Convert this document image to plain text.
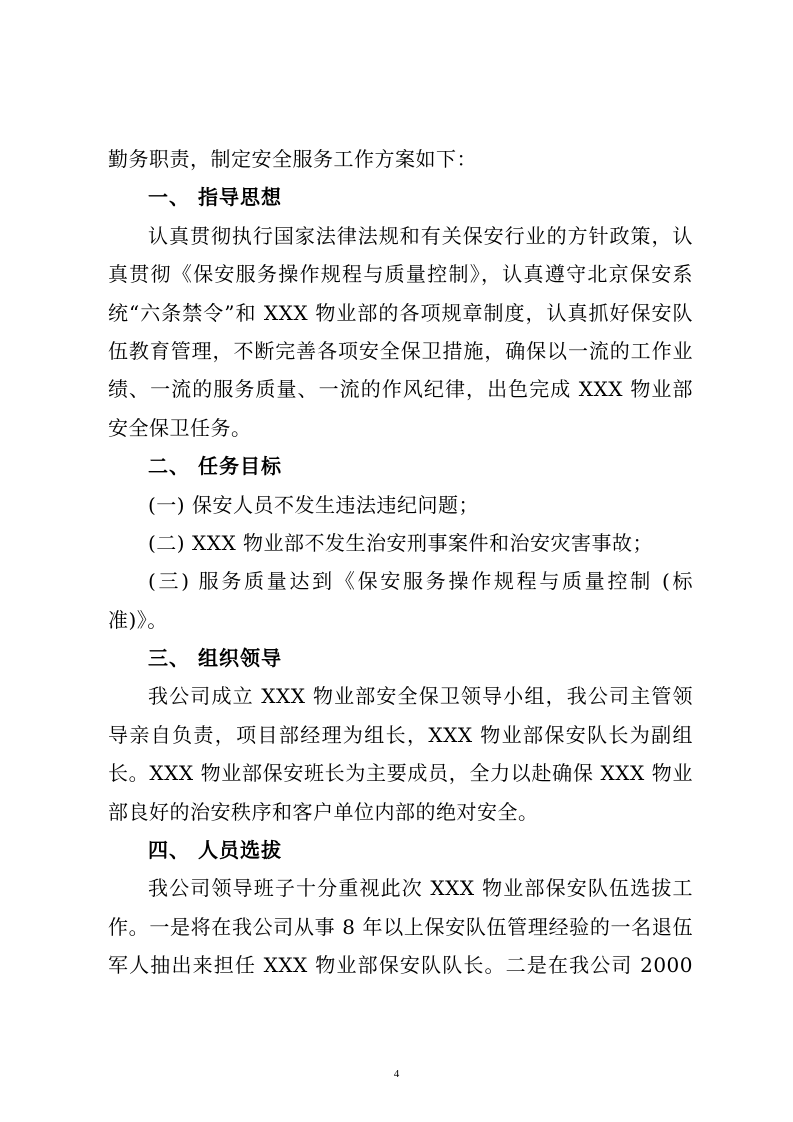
勤务职责，制定安全服务工作方案如下：
一、 指导思想
认真贯彻执行国家法律法规和有关保安行业的方针政策，认
真贯彻《保安服务操作规程与质量控制》，认真遵守北京保安系
统“六条禁令”和 XXX 物业部的各项规章制度，认真抓好保安队
伍教育管理，不断完善各项安全保卫措施，确保以一流的工作业
绩、一流的服务质量、一流的作风纪律，出色完成 XXX 物业部
安全保卫任务。
二、 任务目标
(一) 保安人员不发生违法违纪问题；
(二) XXX 物业部不发生治安刑事案件和治安灾害事故；
(三) 服务质量达到《保安服务操作规程与质量控制 (标
准)》。
三、 组织领导
我公司成立 XXX 物业部安全保卫领导小组，我公司主管领
导亲自负责，项目部经理为组长，XXX 物业部保安队长为副组
长。XXX 物业部保安班长为主要成员，全力以赴确保 XXX 物业
部良好的治安秩序和客户单位内部的绝对安全。
四、 人员选拔
我公司领导班子十分重视此次 XXX 物业部保安队伍选拔工
作。一是将在我公司从事 8 年以上保安队伍管理经验的一名退伍
军人抽出来担任 XXX 物业部保安队队长。二是在我公司 2000
4
